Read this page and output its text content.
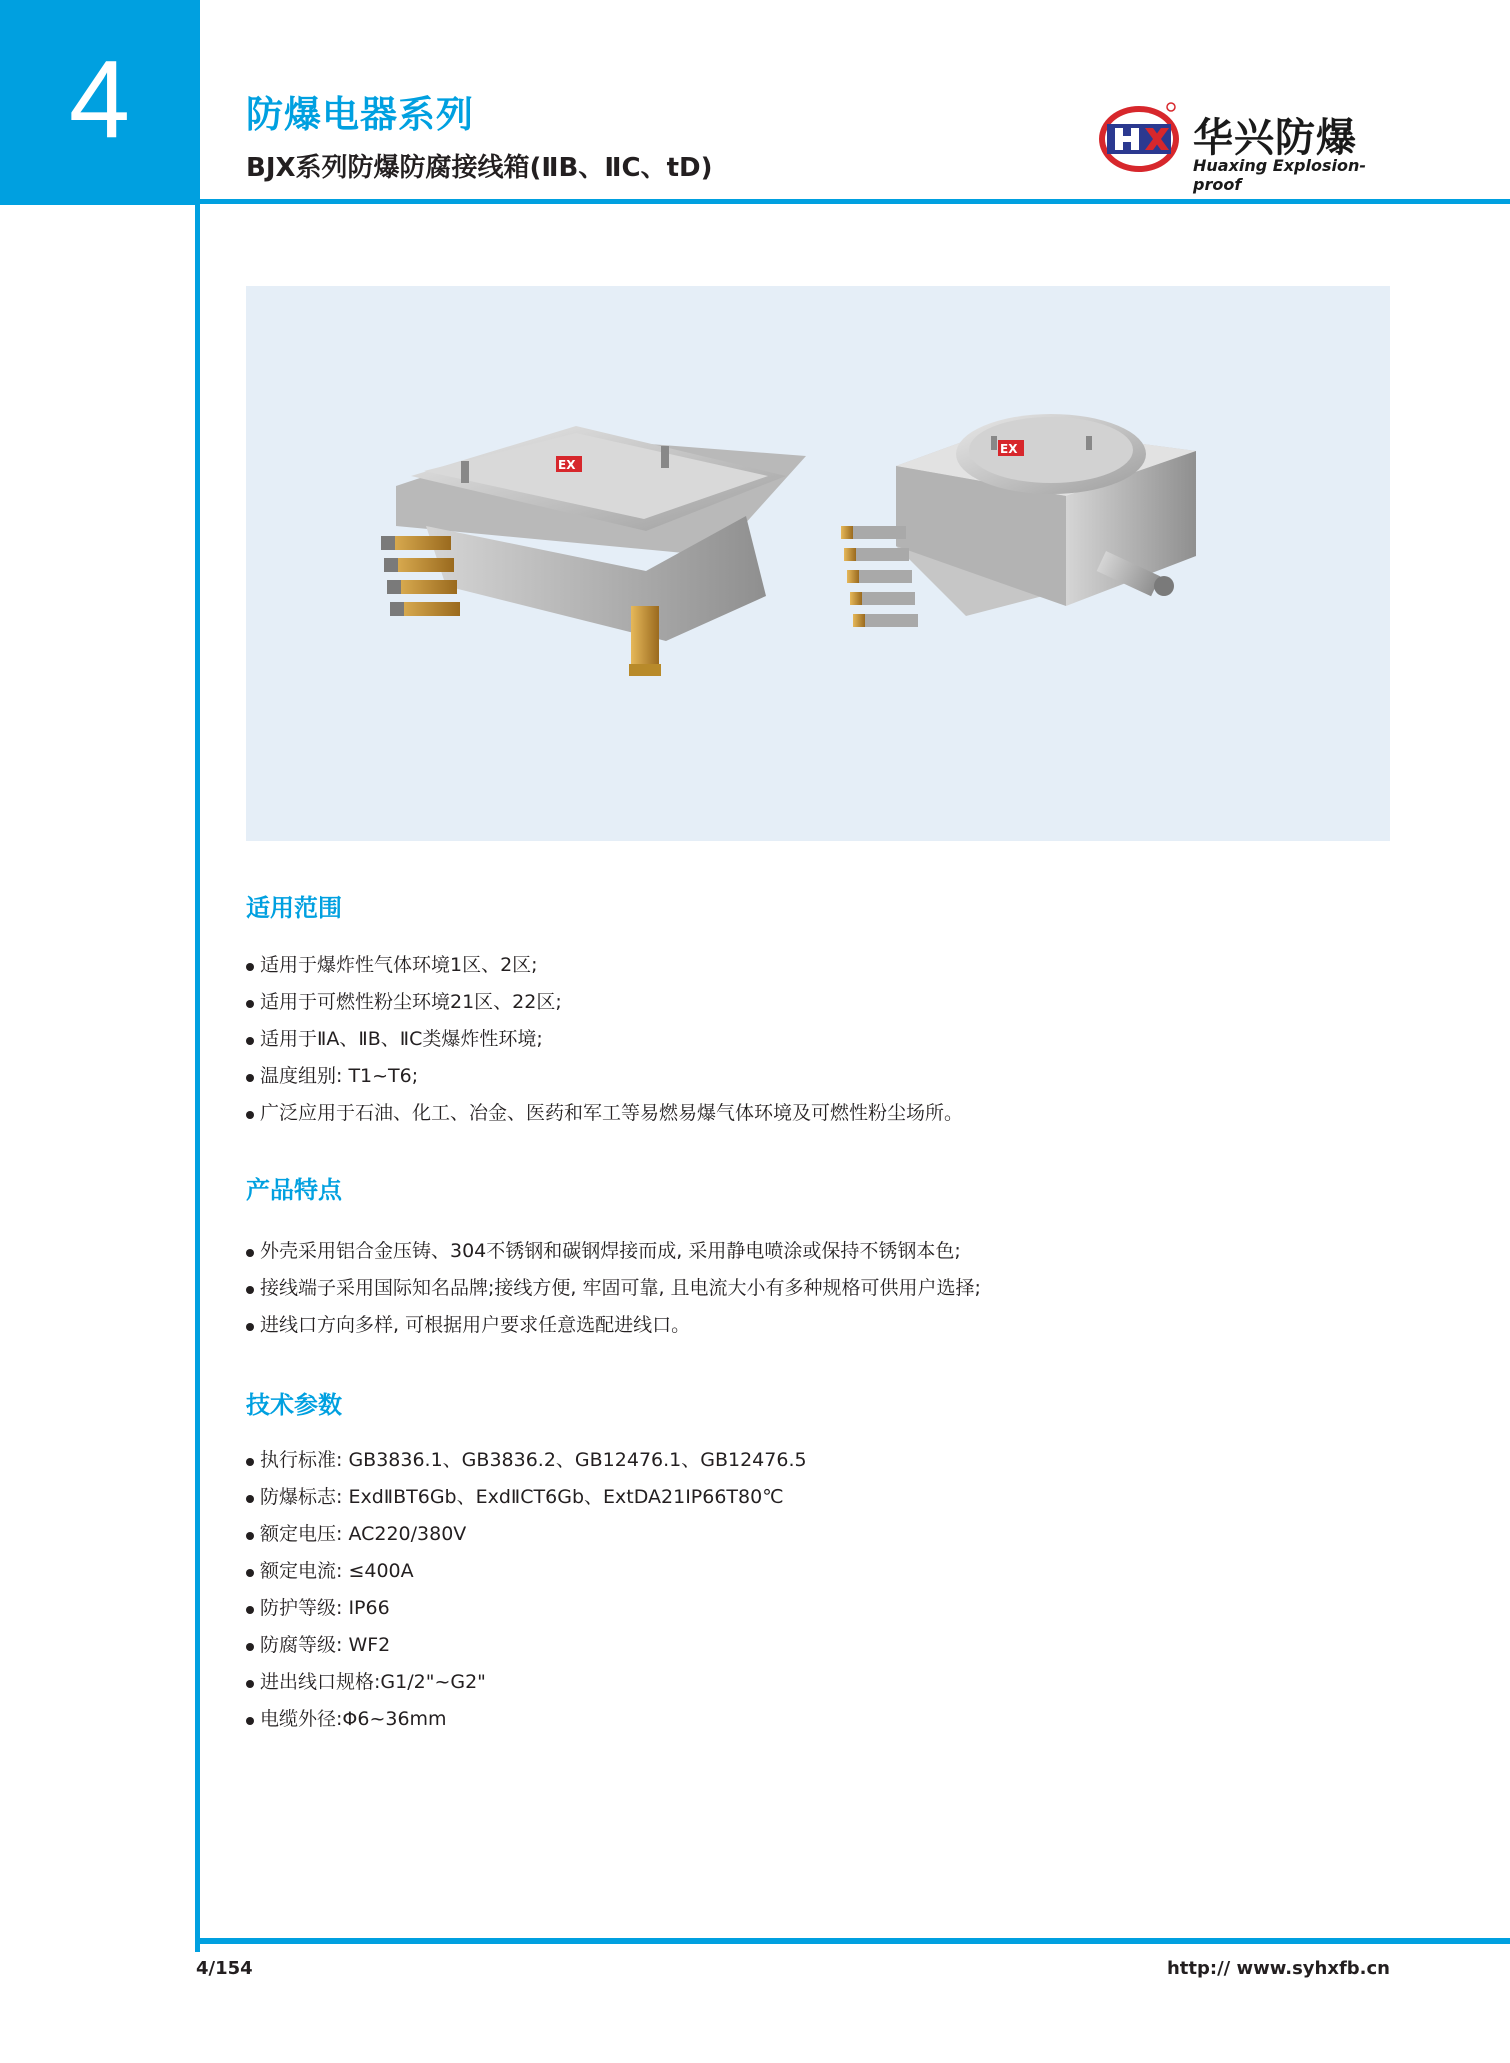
4	防爆电器系列
BJX系列防爆防腐接线箱(ⅡB、ⅡC、tD)
华兴防爆
Huaxing Explosion-proof
EX
EX
适用范围
适用于爆炸性气体环境1区、2区;
适用于可燃性粉尘环境21区、22区;
适用于ⅡA、ⅡB、ⅡC类爆炸性环境;
温度组别: T1~T6;
广泛应用于石油、化工、冶金、医药和军工等易燃易爆气体环境及可燃性粉尘场所。
产品特点
外壳采用铝合金压铸、304不锈钢和碳钢焊接而成, 采用静电喷涂或保持不锈钢本色;
接线端子采用国际知名品牌;接线方便, 牢固可靠, 且电流大小有多种规格可供用户选择;
进线口方向多样, 可根据用户要求任意选配进线口。
技术参数
执行标准: GB3836.1、GB3836.2、GB12476.1、GB12476.5
防爆标志: ExdⅡBT6Gb、ExdⅡCT6Gb、ExtDA21IP66T80℃
额定电压: AC220/380V
额定电流: ≤400A
防护等级: IP66
防腐等级: WF2
进出线口规格:G1/2"~G2"
电缆外径:Φ6~36mm
4/154	http:// www.syhxfb.cn
